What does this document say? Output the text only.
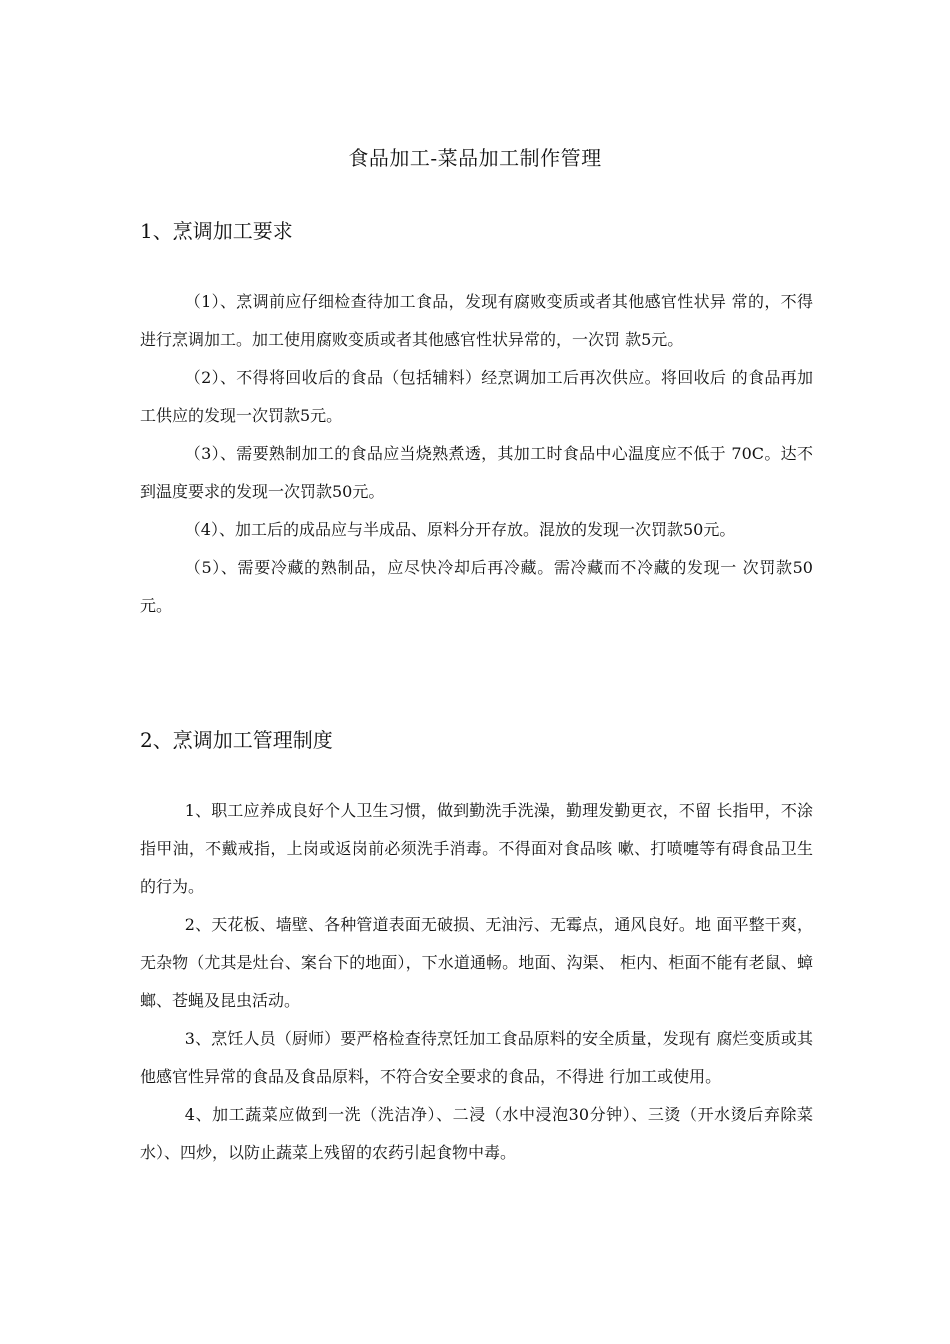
食品加工-菜品加工制作管理
1、烹调加工要求

（1）、烹调前应仔细检查待加工食品，发现有腐败变质或者其他感官性状异 常的，不得进行烹调加工。加工使用腐败变质或者其他感官性状异常的，一次罚 款5元。

（2）、不得将回收后的食品（包括辅料）经烹调加工后再次供应。将回收后 的食品再加工供应的发现一次罚款5元。

（3）、需要熟制加工的食品应当烧熟煮透，其加工时食品中心温度应不低于 70C。达不到温度要求的发现一次罚款50元。

（4）、加工后的成品应与半成品、原料分开存放。混放的发现一次罚款50元。

（5）、需要冷藏的熟制品，应尽快冷却后再冷藏。需冷藏而不冷藏的发现一 次罚款50元。

2、烹调加工管理制度

1、职工应养成良好个人卫生习惯，做到勤洗手洗澡，勤理发勤更衣，不留 长指甲，不涂指甲油，不戴戒指，上岗或返岗前必须洗手消毒。不得面对食品咳 嗽、打喷嚏等有碍食品卫生的行为。

2、天花板、墙壁、各种管道表面无破损、无油污、无霉点，通风良好。地 面平整干爽，无杂物（尤其是灶台、案台下的地面），下水道通畅。地面、沟渠、 柜内、柜面不能有老鼠、蟑螂、苍蝇及昆虫活动。

3、烹饪人员（厨师）要严格检查待烹饪加工食品原料的安全质量，发现有 腐烂变质或其他感官性异常的食品及食品原料，不符合安全要求的食品，不得进 行加工或使用。

4、加工蔬菜应做到一洗（洗洁净）、二浸（水中浸泡30分钟）、三烫（开水烫后弃除菜水）、四炒，以防止蔬菜上残留的农药引起食物中毒。
